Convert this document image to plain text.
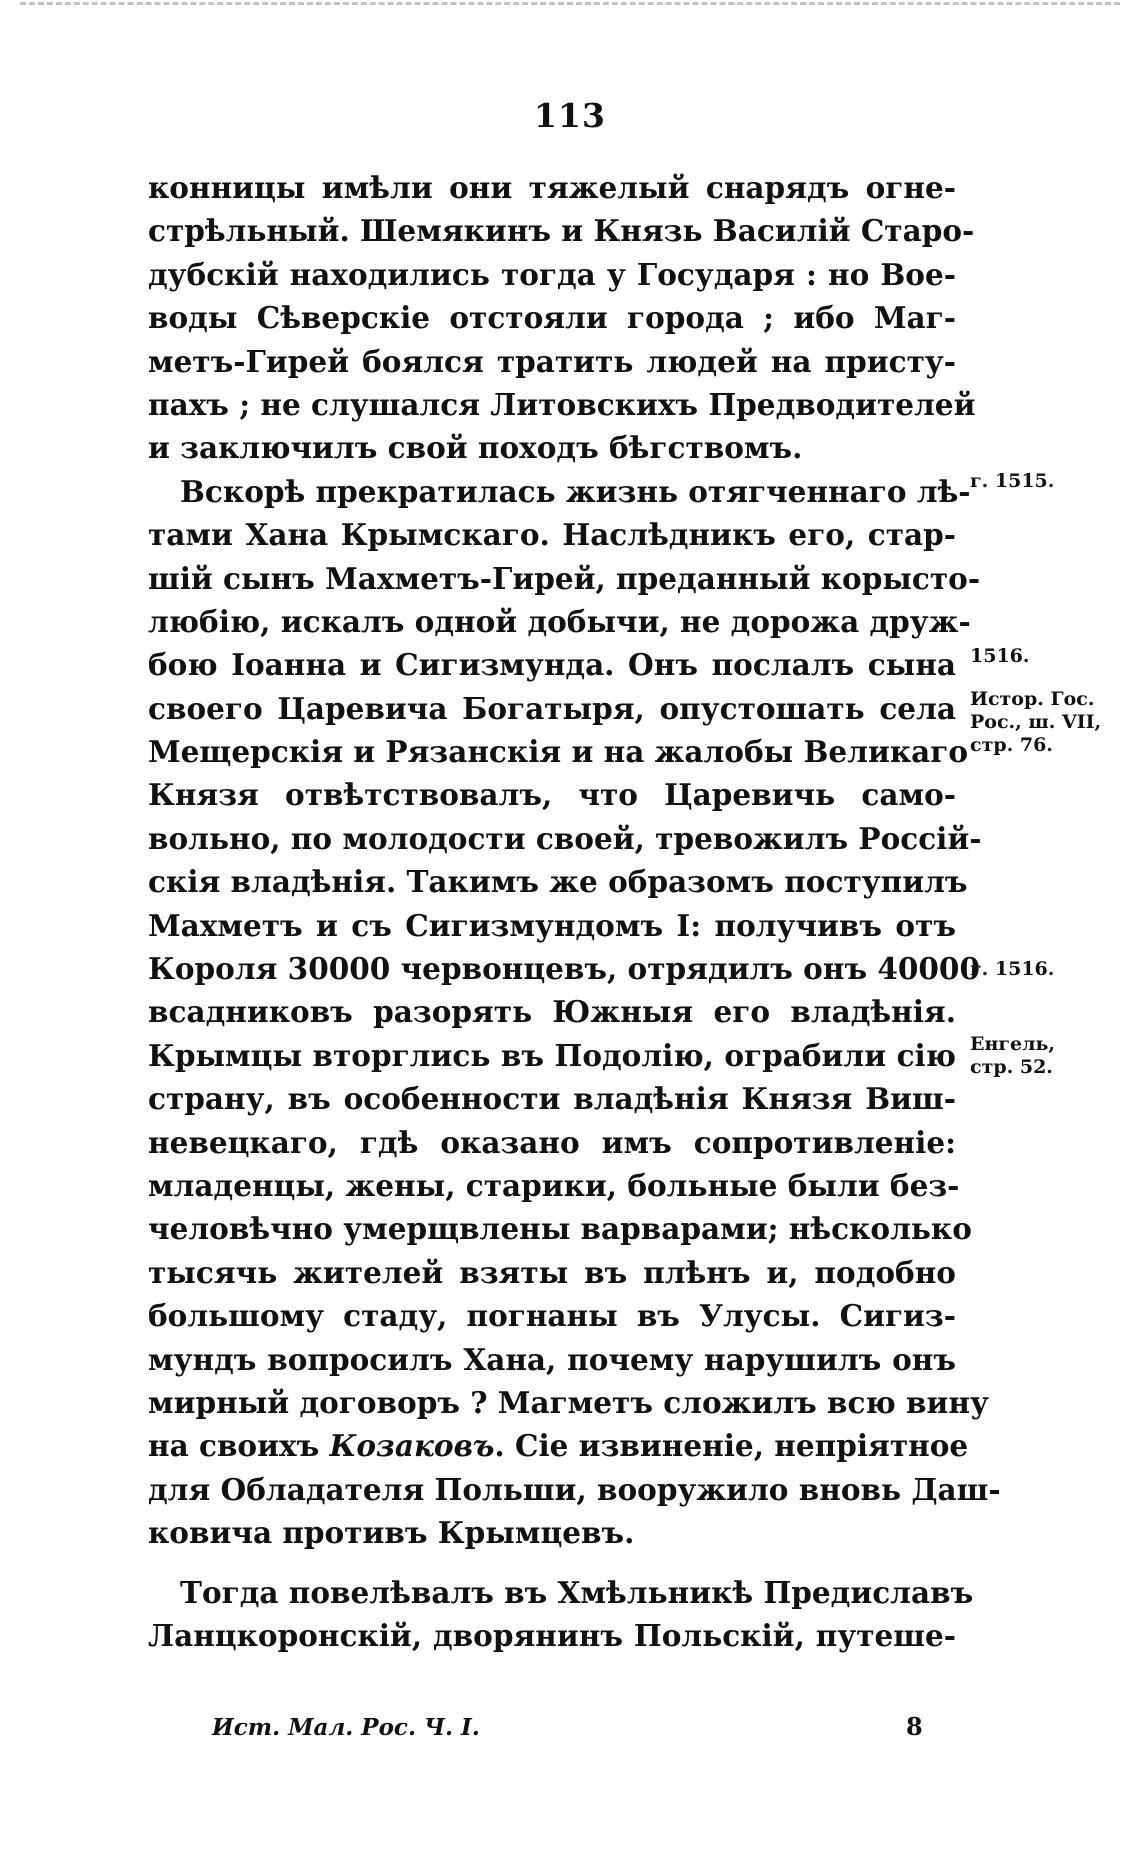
113
конницы имѣли они тяжелый снарядъ огне-
стрѣльный. Шемякинъ и Князь Василій Старо-
дубскій находились тогда у Государя : но Вое-
воды Сѣверскіе отстояли города ; ибо Маг-
метъ-Гирей боялся тратить людей на присту-
пахъ ; не слушался Литовскихъ Предводителей
и заключилъ свой походъ бѣгствомъ.
Вскорѣ прекратилась жизнь отягченнаго лѣ-
тами Хана Крымскаго. Наслѣдникъ его, стар-
шій сынъ Махметъ-Гирей, преданный корысто-
любію, искалъ одной добычи, не дорожа друж-
бою Іоанна и Сигизмунда. Онъ послалъ сына
своего Царевича Богатыря, опустошать села
Мещерскія и Рязанскія и на жалобы Великаго
Князя отвѣтствовалъ, что Царевичь само-
вольно, по молодости своей, тревожилъ Россій-
скія владѣнія. Такимъ же образомъ поступилъ
Махметъ и съ Сигизмундомъ I: получивъ отъ
Короля 30000 червонцевъ, отрядилъ онъ 40000
всадниковъ разорять Южныя его владѣнія.
Крымцы вторглись въ Подолію, ограбили сію
страну, въ особенности владѣнія Князя Виш-
невецкаго, гдѣ оказано имъ сопротивленіе:
младенцы, жены, старики, больные были без-
человѣчно умерщвлены варварами; нѣсколько
тысячь жителей взяты въ плѣнъ и, подобно
большому стаду, погнаны въ Улусы. Сигиз-
мундъ вопросилъ Хана, почему нарушилъ онъ
мирный договоръ ? Магметъ сложилъ всю вину
на своихъ Козаковъ. Сіе извиненіе, непріятное
для Обладателя Польши, вооружило вновь Даш-
ковича противъ Крымцевъ.
Тогда повелѣвалъ въ Хмѣльникѣ Предиславъ
Ланцкоронскій, дворянинъ Польскій, путеше-
г. 1515.
1516.
Истор. Гос.
Рос., ш. VII,
стр. 76.
г. 1516.
Енгель,
стр. 52.
Ист. Мал. Рос. Ч. I.	8
